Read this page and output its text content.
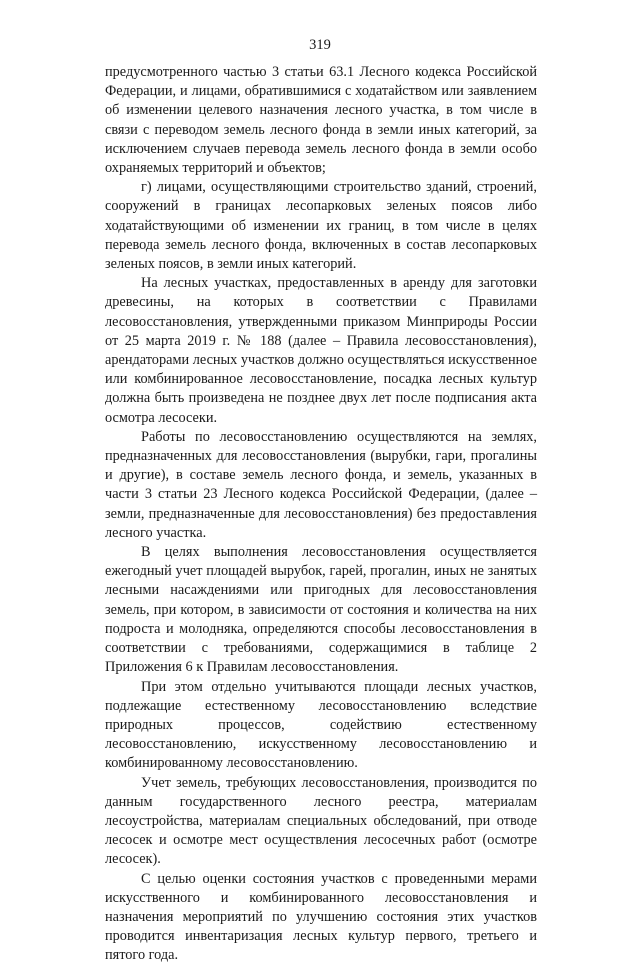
319

предусмотренного частью 3 статьи 63.1 Лесного кодекса Российской Федерации, и лицами, обратившимися с ходатайством или заявлением об изменении целевого назначения лесного участка, в том числе в связи с переводом земель лесного фонда в земли иных категорий, за исключением случаев перевода земель лесного фонда в земли особо охраняемых территорий и объектов;

г) лицами, осуществляющими строительство зданий, строений, сооружений в границах лесопарковых зеленых поясов либо ходатайствующими об изменении их границ, в том числе в целях перевода земель лесного фонда, включенных в состав лесопарковых зеленых поясов, в земли иных категорий.

На лесных участках, предоставленных в аренду для заготовки древесины, на которых в соответствии с Правилами лесовосстановления, утвержденными приказом Минприроды России от 25 марта 2019 г. № 188 (далее – Правила лесовосстановления), арендаторами лесных участков должно осуществляться искусственное или комбинированное лесовосстановление, посадка лесных культур должна быть произведена не позднее двух лет после подписания акта осмотра лесосеки.

Работы по лесовосстановлению осуществляются на землях, предназначенных для лесовосстановления (вырубки, гари, прогалины и другие), в составе земель лесного фонда, и земель, указанных в части 3 статьи 23 Лесного кодекса Российской Федерации, (далее – земли, предназначенные для лесовосстановления) без предоставления лесного участка.

В целях выполнения лесовосстановления осуществляется ежегодный учет площадей вырубок, гарей, прогалин, иных не занятых лесными насаждениями или пригодных для лесовосстановления земель, при котором, в зависимости от состояния и количества на них подроста и молодняка, определяются способы лесовосстановления в соответствии с требованиями, содержащимися в таблице 2 Приложения 6 к Правилам лесовосстановления.

При этом отдельно учитываются площади лесных участков, подлежащие естественному лесовосстановлению вследствие природных процессов, содействию естественному лесовосстановлению, искусственному лесовосстановлению и комбинированному лесовосстановлению.

Учет земель, требующих лесовосстановления, производится по данным государственного лесного реестра, материалам лесоустройства, материалам специальных обследований, при отводе лесосек и осмотре мест осуществления лесосечных работ (осмотре лесосек).

С целью оценки состояния участков с проведенными мерами искусственного и комбинированного лесовосстановления и назначения мероприятий по улучшению состояния этих участков проводится инвентаризация лесных культур первого, третьего и пятого года.
